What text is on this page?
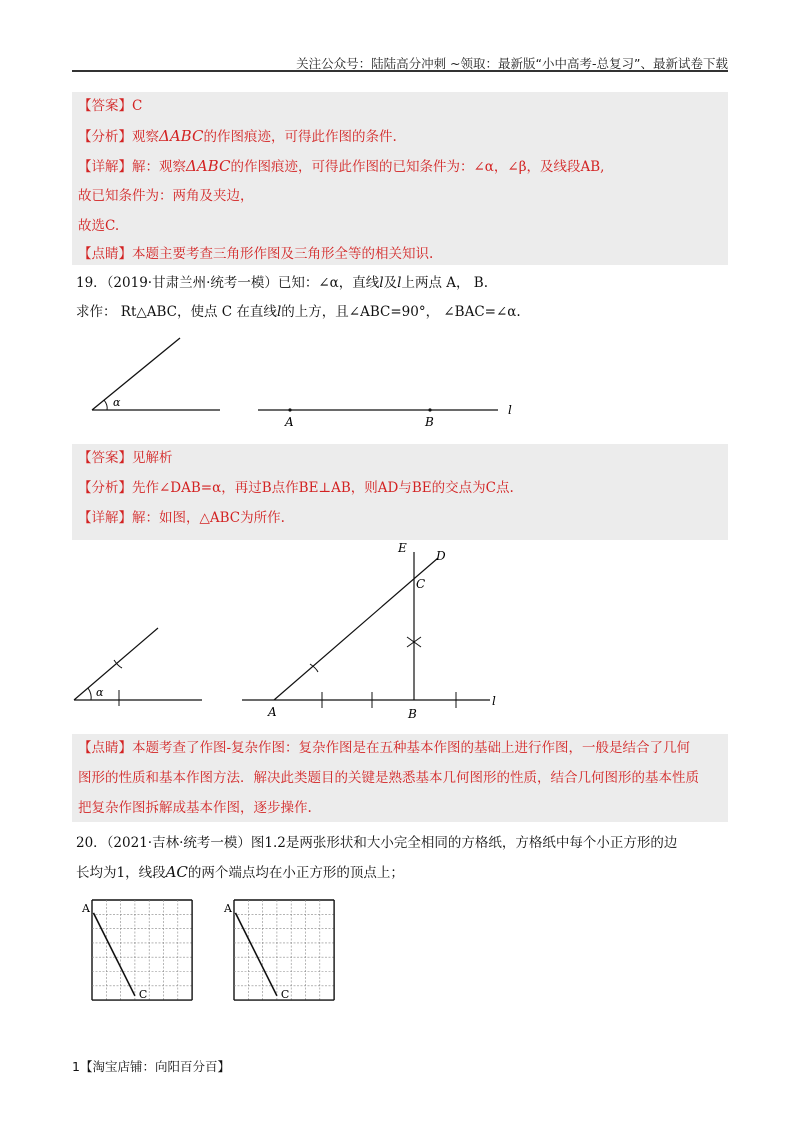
关注公众号：陆陆高分冲刺 ~领取：最新版“小中高考-总复习”、最新试卷下载
【答案】C
【分析】观察ΔABC的作图痕迹，可得此作图的条件.
【详解】解：观察ΔABC的作图痕迹，可得此作图的已知条件为：∠α，∠β，及线段AB,
故已知条件为：两角及夹边，
故选C.
【点睛】本题主要考查三角形作图及三角形全等的相关知识.
19．（2019·甘肃兰州·统考一模）已知：∠α，直线l及l上两点 A， B.
求作： Rt△ABC，使点 C 在直线l的上方，且∠ABC=90°， ∠BAC=∠α.
α
A	B
l
【答案】见解析
【分析】先作∠DAB=α，再过B点作BE⊥AB，则AD与BE的交点为C点.
【详解】解：如图，△ABC为所作.
α
A	B
C
D
E
l
【点睛】本题考查了作图-复杂作图：复杂作图是在五种基本作图的基础上进行作图，一般是结合了几何
图形的性质和基本作图方法．解决此类题目的关键是熟悉基本几何图形的性质，结合几何图形的基本性质
把复杂作图拆解成基本作图，逐步操作.
20．（2021·吉林·统考一模）图1.2是两张形状和大小完全相同的方格纸，方格纸中每个小正方形的边
长均为1，线段AC的两个端点均在小正方形的顶点上；
A
C
A
C
1【淘宝店铺：向阳百分百】
